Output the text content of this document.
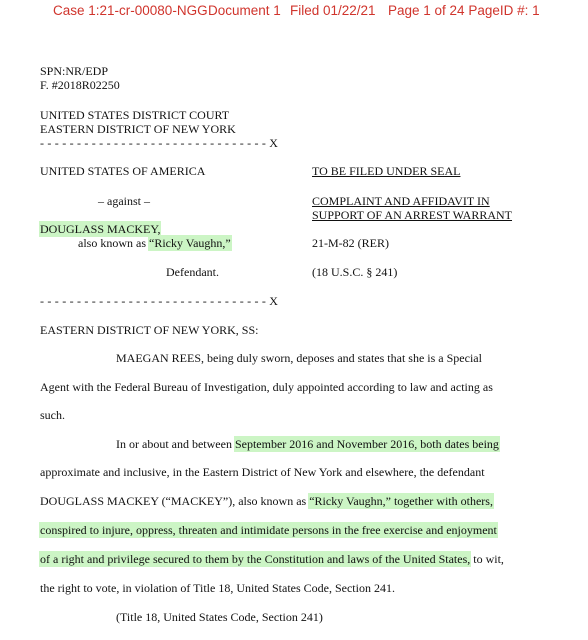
Case 1:21-cr-00080-NGG Document 1 Filed 01/22/21 Page 1 of 24 PageID #: 1
SPN:NR/EDP
F. #2018R02250
UNITED STATES DISTRICT COURT
EASTERN DISTRICT OF NEW YORK
- - - - - - - - - - - - - - - - - - - - - - - - - - - - - - - X
UNITED STATES OF AMERICA
– against –
DOUGLASS MACKEY,
also known as “Ricky Vaughn,”
Defendant.
- - - - - - - - - - - - - - - - - - - - - - - - - - - - - - - X
TO BE FILED UNDER SEAL
COMPLAINT AND AFFIDAVIT IN
SUPPORT OF AN ARREST WARRANT
21-M-82 (RER)
(18 U.S.C. § 241)
EASTERN DISTRICT OF NEW YORK, SS:
MAEGAN REES, being duly sworn, deposes and states that she is a Special
Agent with the Federal Bureau of Investigation, duly appointed according to law and acting as
such.
In or about and between September 2016 and November 2016, both dates being
approximate and inclusive, in the Eastern District of New York and elsewhere, the defendant
DOUGLASS MACKEY (“MACKEY”), also known as “Ricky Vaughn,” together with others,
conspired to injure, oppress, threaten and intimidate persons in the free exercise and enjoyment
of a right and privilege secured to them by the Constitution and laws of the United States, to wit,
the right to vote, in violation of Title 18, United States Code, Section 241.
(Title 18, United States Code, Section 241)
